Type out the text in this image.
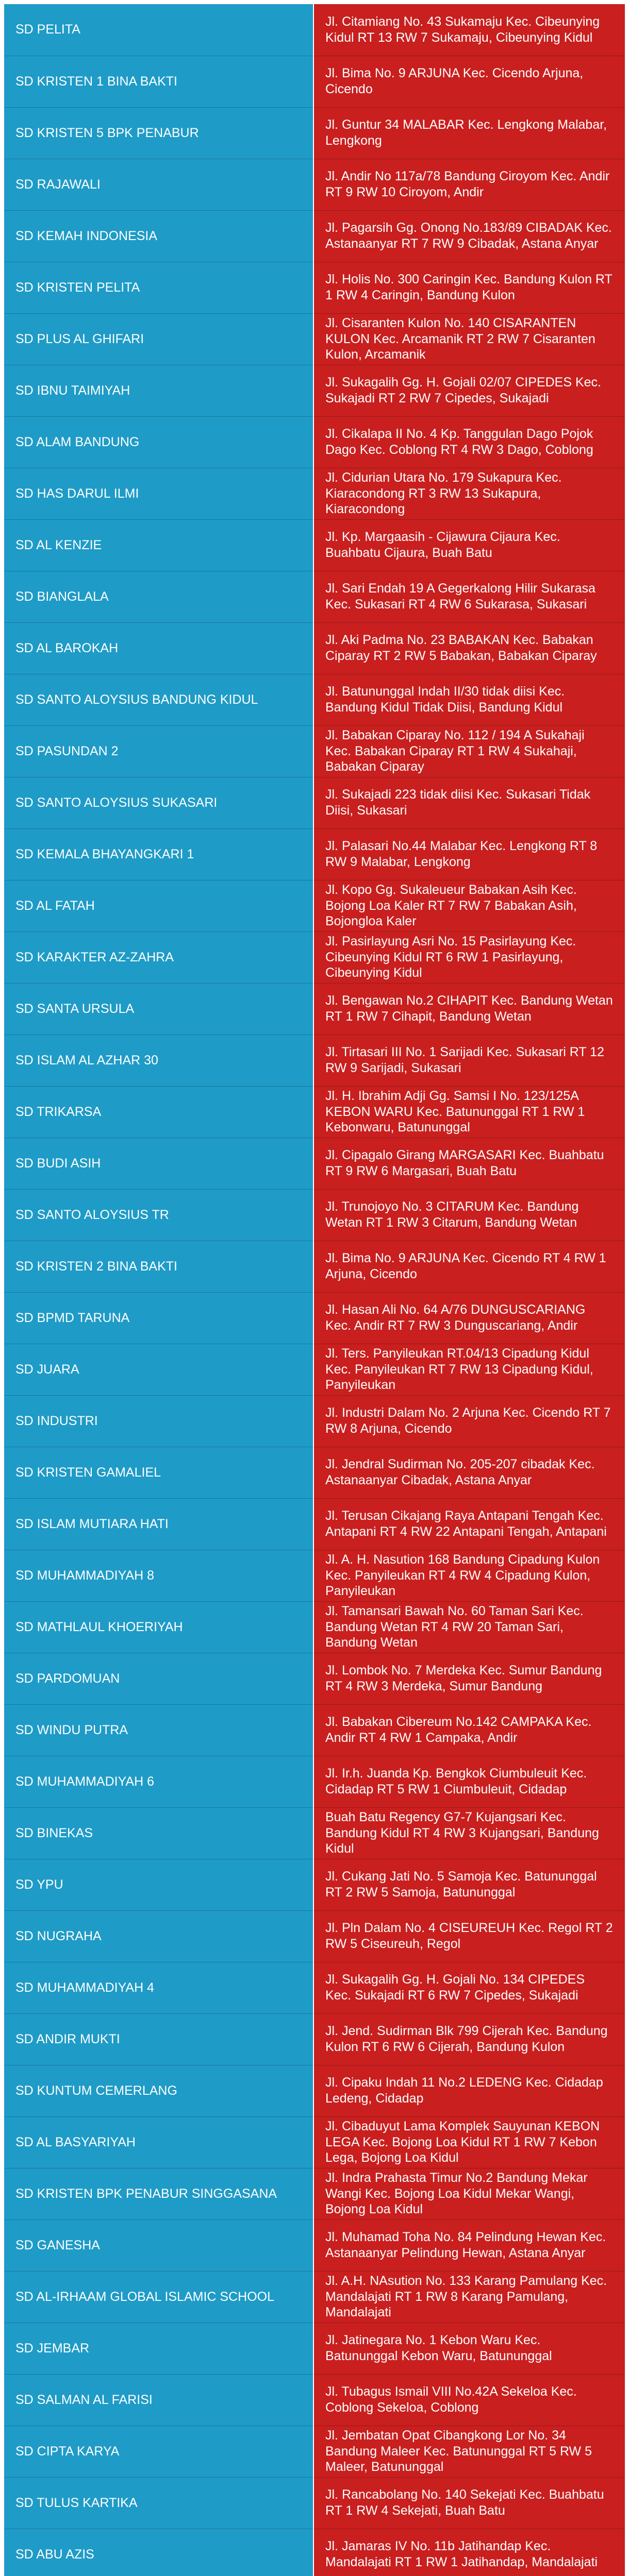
SD PELITA	Jl. Citamiang No. 43 Sukamaju Kec. Cibeunying Kidul RT 13 RW 7 Sukamaju, Cibeunying Kidul
SD KRISTEN 1 BINA BAKTI	Jl. Bima No. 9 ARJUNA Kec. Cicendo Arjuna, Cicendo
SD KRISTEN 5 BPK PENABUR	Jl. Guntur 34 MALABAR Kec. Lengkong Malabar, Lengkong
SD RAJAWALI	Jl. Andir No 117a/78 Bandung Ciroyom Kec. Andir RT 9 RW 10 Ciroyom, Andir
SD KEMAH INDONESIA	Jl. Pagarsih Gg. Onong No.183/89 CIBADAK Kec. Astanaanyar RT 7 RW 9 Cibadak, Astana Anyar
SD KRISTEN PELITA	Jl. Holis No. 300 Caringin Kec. Bandung Kulon RT 1 RW 4 Caringin, Bandung Kulon
SD PLUS AL GHIFARI	Jl. Cisaranten Kulon No. 140 CISARANTEN KULON Kec. Arcamanik RT 2 RW 7 Cisaranten Kulon, Arcamanik
SD IBNU TAIMIYAH	Jl. Sukagalih Gg. H. Gojali 02/07 CIPEDES Kec. Sukajadi RT 2 RW 7 Cipedes, Sukajadi
SD ALAM BANDUNG	Jl. Cikalapa II No. 4 Kp. Tanggulan Dago Pojok Dago Kec. Coblong RT 4 RW 3 Dago, Coblong
SD HAS DARUL ILMI	Jl. Cidurian Utara No. 179 Sukapura Kec. Kiaracondong RT 3 RW 13 Sukapura, Kiaracondong
SD AL KENZIE	Jl. Kp. Margaasih - Cijawura Cijaura Kec. Buahbatu Cijaura, Buah Batu
SD BIANGLALA	Jl. Sari Endah 19 A Gegerkalong Hilir Sukarasa Kec. Sukasari RT 4 RW 6 Sukarasa, Sukasari
SD AL BAROKAH	Jl. Aki Padma No. 23 BABAKAN Kec. Babakan Ciparay RT 2 RW 5 Babakan, Babakan Ciparay
SD SANTO ALOYSIUS BANDUNG KIDUL	Jl. Batununggal Indah II/30 tidak diisi Kec. Bandung Kidul Tidak Diisi, Bandung Kidul
SD PASUNDAN 2	Jl. Babakan Ciparay No. 112 / 194 A Sukahaji Kec. Babakan Ciparay RT 1 RW 4 Sukahaji, Babakan Ciparay
SD SANTO ALOYSIUS SUKASARI	Jl. Sukajadi 223 tidak diisi Kec. Sukasari Tidak Diisi, Sukasari
SD KEMALA BHAYANGKARI 1	Jl. Palasari No.44 Malabar Kec. Lengkong RT 8 RW 9 Malabar, Lengkong
SD AL FATAH	Jl. Kopo Gg. Sukaleueur Babakan Asih Kec. Bojong Loa Kaler RT 7 RW 7 Babakan Asih, Bojongloa Kaler
SD KARAKTER AZ-ZAHRA	Jl. Pasirlayung Asri No. 15 Pasirlayung Kec. Cibeunying Kidul RT 6 RW 1 Pasirlayung, Cibeunying Kidul
SD SANTA URSULA	Jl. Bengawan No.2 CIHAPIT Kec. Bandung Wetan RT 1 RW 7 Cihapit, Bandung Wetan
SD ISLAM AL AZHAR 30	Jl. Tirtasari III No. 1 Sarijadi Kec. Sukasari RT 12 RW 9 Sarijadi, Sukasari
SD TRIKARSA	Jl. H. Ibrahim Adji Gg. Samsi I No. 123/125A KEBON WARU Kec. Batununggal RT 1 RW 1 Kebonwaru, Batununggal
SD BUDI ASIH	Jl. Cipagalo Girang MARGASARI Kec. Buahbatu RT 9 RW 6 Margasari, Buah Batu
SD SANTO ALOYSIUS TR	Jl. Trunojoyo No. 3 CITARUM Kec. Bandung Wetan RT 1 RW 3 Citarum, Bandung Wetan
SD KRISTEN 2 BINA BAKTI	Jl. Bima No. 9 ARJUNA Kec. Cicendo RT 4 RW 1 Arjuna, Cicendo
SD BPMD TARUNA	Jl. Hasan Ali No. 64 A/76 DUNGUSCARIANG Kec. Andir RT 7 RW 3 Dunguscariang, Andir
SD JUARA	Jl. Ters. Panyileukan RT.04/13 Cipadung Kidul Kec. Panyileukan RT 7 RW 13 Cipadung Kidul, Panyileukan
SD INDUSTRI	Jl. Industri Dalam No. 2 Arjuna Kec. Cicendo RT 7 RW 8 Arjuna, Cicendo
SD KRISTEN GAMALIEL	Jl. Jendral Sudirman No. 205-207 cibadak Kec. Astanaanyar Cibadak, Astana Anyar
SD ISLAM MUTIARA HATI	Jl. Terusan Cikajang Raya Antapani Tengah Kec. Antapani RT 4 RW 22 Antapani Tengah, Antapani
SD MUHAMMADIYAH 8	Jl. A. H. Nasution 168 Bandung Cipadung Kulon Kec. Panyileukan RT 4 RW 4 Cipadung Kulon, Panyileukan
SD MATHLAUL KHOERIYAH	Jl. Tamansari Bawah No. 60 Taman Sari Kec. Bandung Wetan RT 4 RW 20 Taman Sari, Bandung Wetan
SD PARDOMUAN	Jl. Lombok No. 7 Merdeka Kec. Sumur Bandung RT 4 RW 3 Merdeka, Sumur Bandung
SD WINDU PUTRA	Jl. Babakan Cibereum No.142 CAMPAKA Kec. Andir RT 4 RW 1 Campaka, Andir
SD MUHAMMADIYAH 6	Jl. Ir.h. Juanda Kp. Bengkok Ciumbuleuit Kec. Cidadap RT 5 RW 1 Ciumbuleuit, Cidadap
SD BINEKAS	Buah Batu Regency G7-7 Kujangsari Kec. Bandung Kidul RT 4 RW 3 Kujangsari, Bandung Kidul
SD YPU	Jl. Cukang Jati No. 5 Samoja Kec. Batununggal RT 2 RW 5 Samoja, Batununggal
SD NUGRAHA	Jl. Pln Dalam No. 4 CISEUREUH Kec. Regol RT 2 RW 5 Ciseureuh, Regol
SD MUHAMMADIYAH 4	Jl. Sukagalih Gg. H. Gojali No. 134 CIPEDES Kec. Sukajadi RT 6 RW 7 Cipedes, Sukajadi
SD ANDIR MUKTI	Jl. Jend. Sudirman Blk 799 Cijerah Kec. Bandung Kulon RT 6 RW 6 Cijerah, Bandung Kulon
SD KUNTUM CEMERLANG	Jl. Cipaku Indah 11 No.2 LEDENG Kec. Cidadap Ledeng, Cidadap
SD AL BASYARIYAH	Jl. Cibaduyut Lama Komplek Sauyunan KEBON LEGA Kec. Bojong Loa Kidul RT 1 RW 7 Kebon Lega, Bojong Loa Kidul
SD KRISTEN BPK PENABUR SINGGASANA	Jl. Indra Prahasta Timur No.2 Bandung Mekar Wangi Kec. Bojong Loa Kidul Mekar Wangi, Bojong Loa Kidul
SD GANESHA	Jl. Muhamad Toha No. 84 Pelindung Hewan Kec. Astanaanyar Pelindung Hewan, Astana Anyar
SD AL-IRHAAM GLOBAL ISLAMIC SCHOOL	Jl. A.H. NAsution No. 133 Karang Pamulang Kec. Mandalajati RT 1 RW 8 Karang Pamulang, Mandalajati
SD JEMBAR	Jl. Jatinegara No. 1 Kebon Waru Kec. Batununggal Kebon Waru, Batununggal
SD SALMAN AL FARISI	Jl. Tubagus Ismail VIII No.42A Sekeloa Kec. Coblong Sekeloa, Coblong
SD CIPTA KARYA	Jl. Jembatan Opat Cibangkong Lor No. 34 Bandung Maleer Kec. Batununggal RT 5 RW 5 Maleer, Batununggal
SD TULUS KARTIKA	Jl. Rancabolang No. 140 Sekejati Kec. Buahbatu RT 1 RW 4 Sekejati, Buah Batu
SD ABU AZIS	Jl. Jamaras IV No. 11b Jatihandap Kec. Mandalajati RT 1 RW 1 Jatihandap, Mandalajati
